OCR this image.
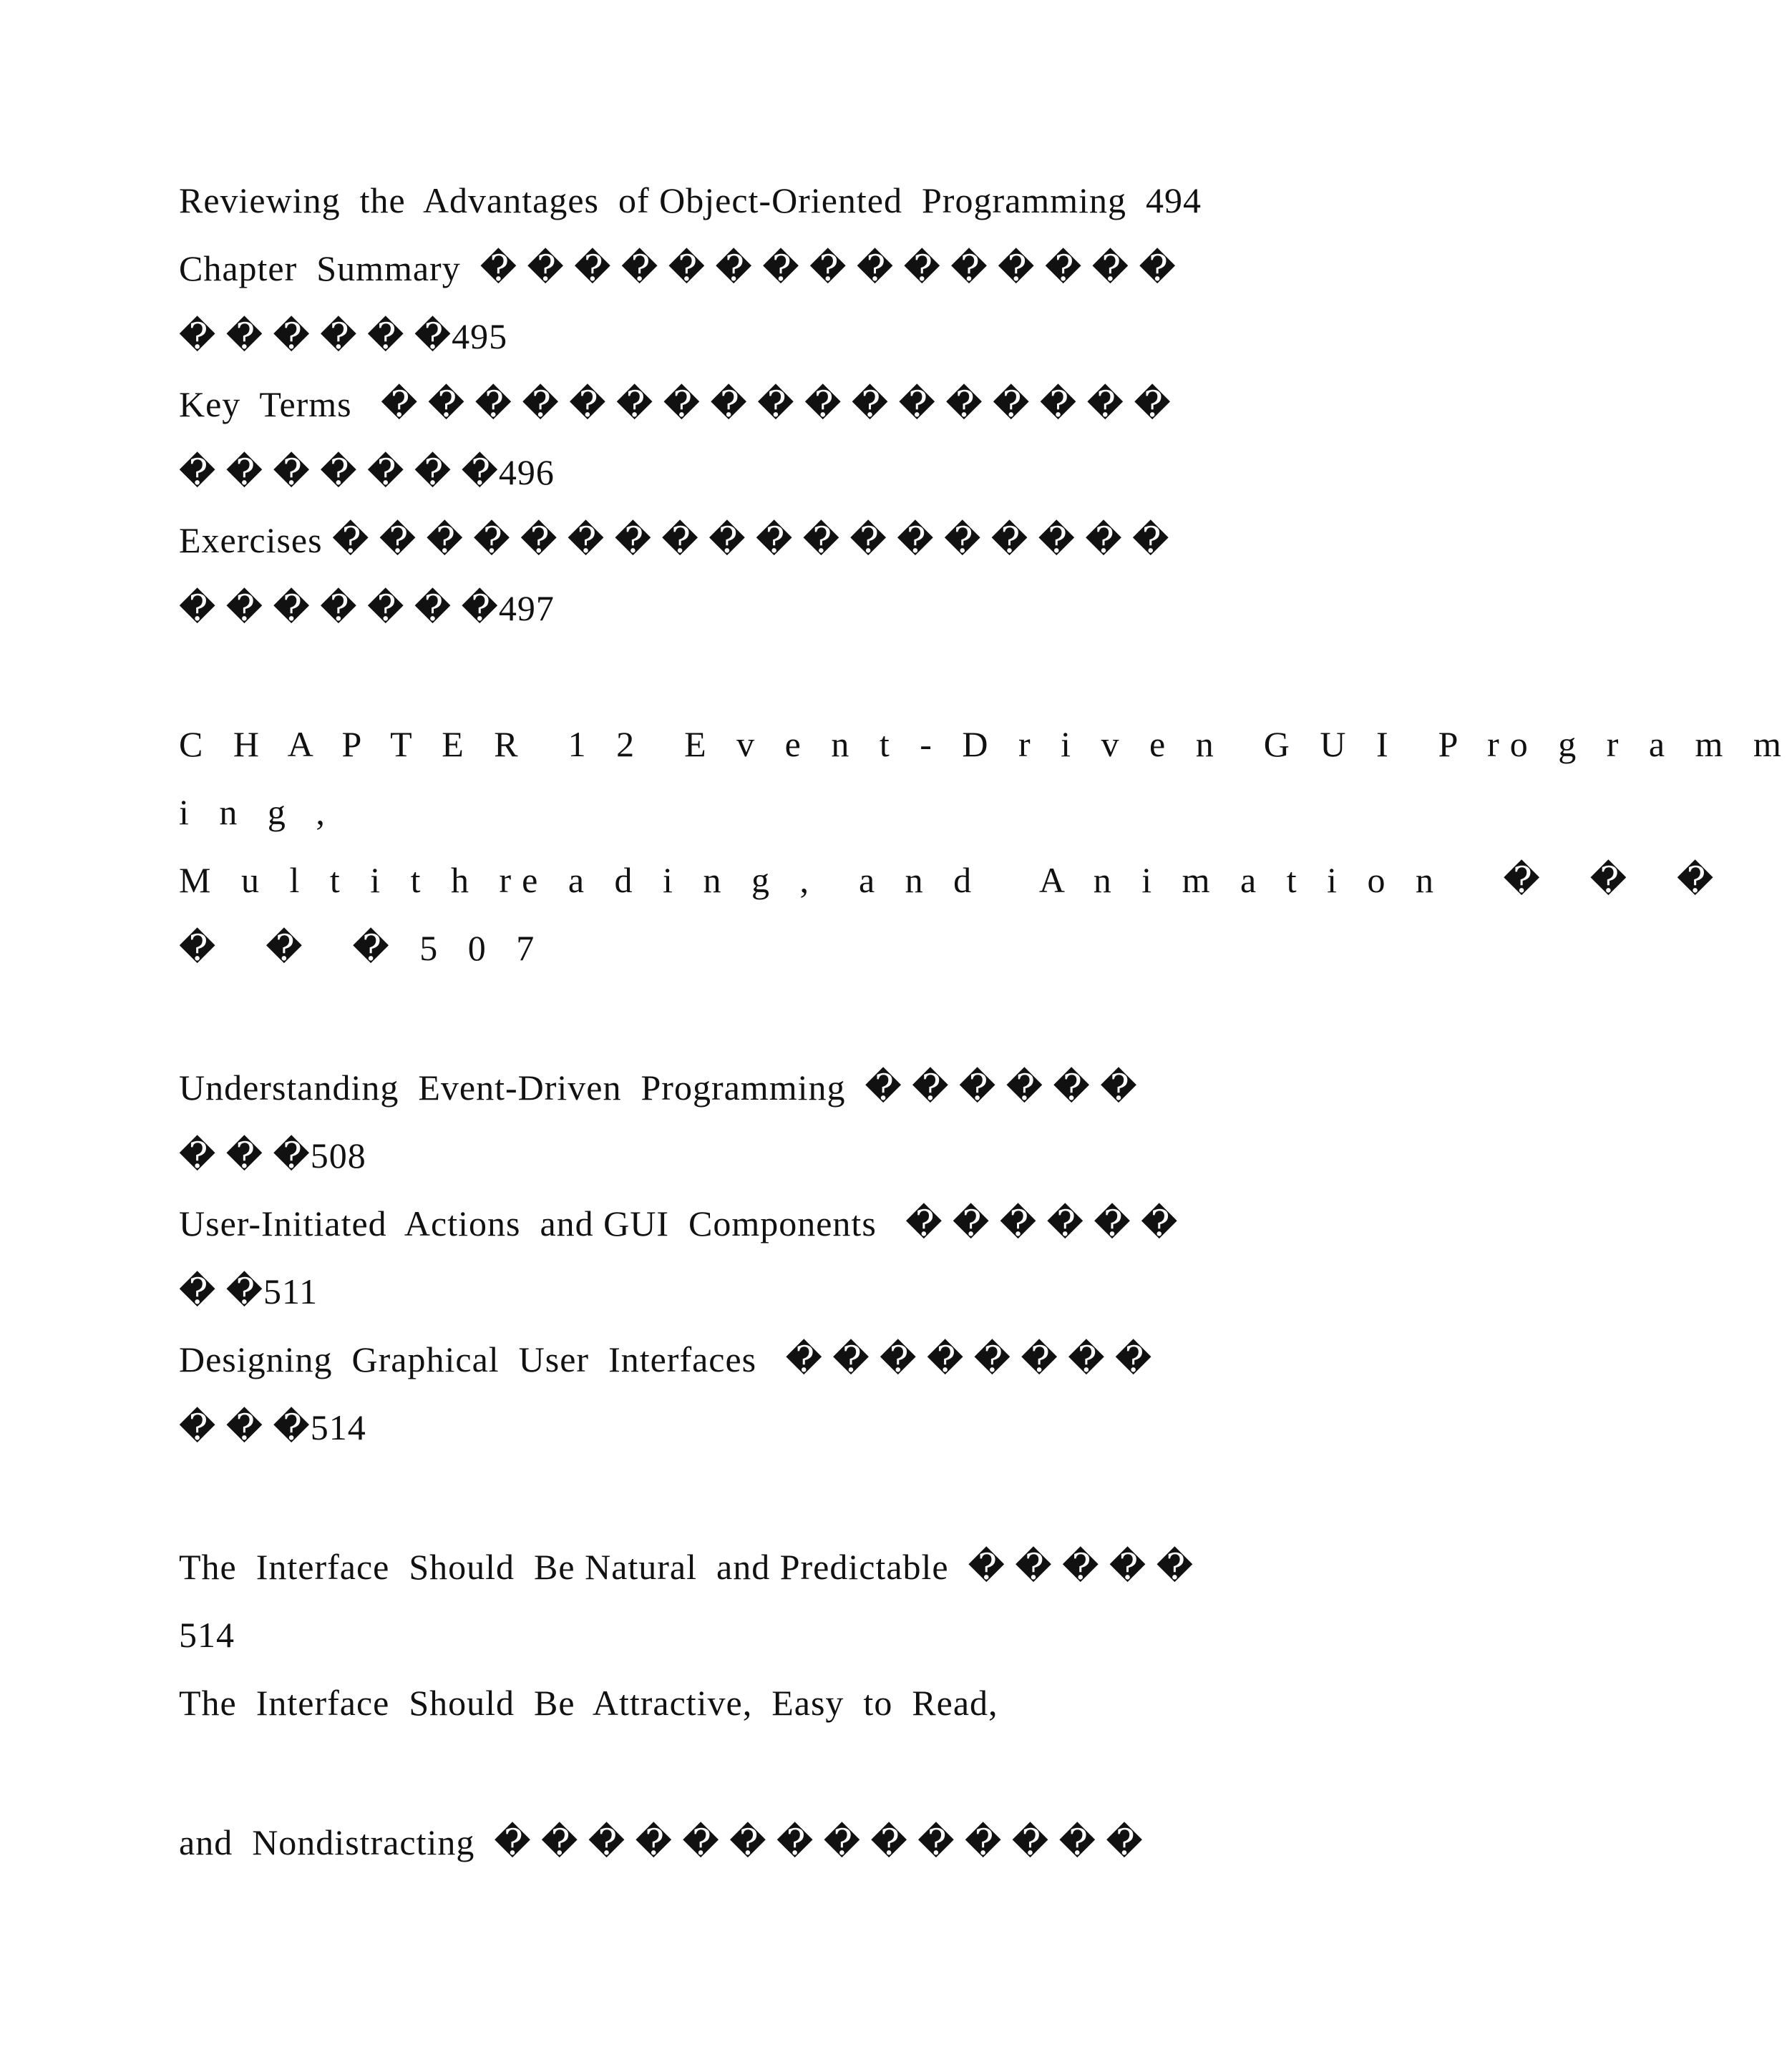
Reviewing  the  Advantages  of Object-Oriented  Programming  494
Chapter  Summary  � � � � � � � � � � � � � � �
� � � � � �495
Key  Terms   � � � � � � � � � � � � � � � � �
� � � � � � �496
Exercises � � � � � � � � � � � � � � � � � �
� � � � � � �497
C H A P T E R  1 2  E v e n t - D r i v e n  G U I  P ro g r a m m
i n g ,
M u l t i t h re a d i n g ,  a n d   A n i m a t i o n   �  �  �
�  �  � 5 0 7
Understanding  Event-Driven  Programming  � � � � � �
� � �508
User-Initiated  Actions  and GUI  Components   � � � � � �
� �511
Designing  Graphical  User  Interfaces   � � � � � � � �
� � �514
The  Interface  Should  Be Natural  and Predictable  � � � � �
514
The  Interface  Should  Be  Attractive,  Easy  to  Read,
and  Nondistracting  � � � � � � � � � � � � � �
